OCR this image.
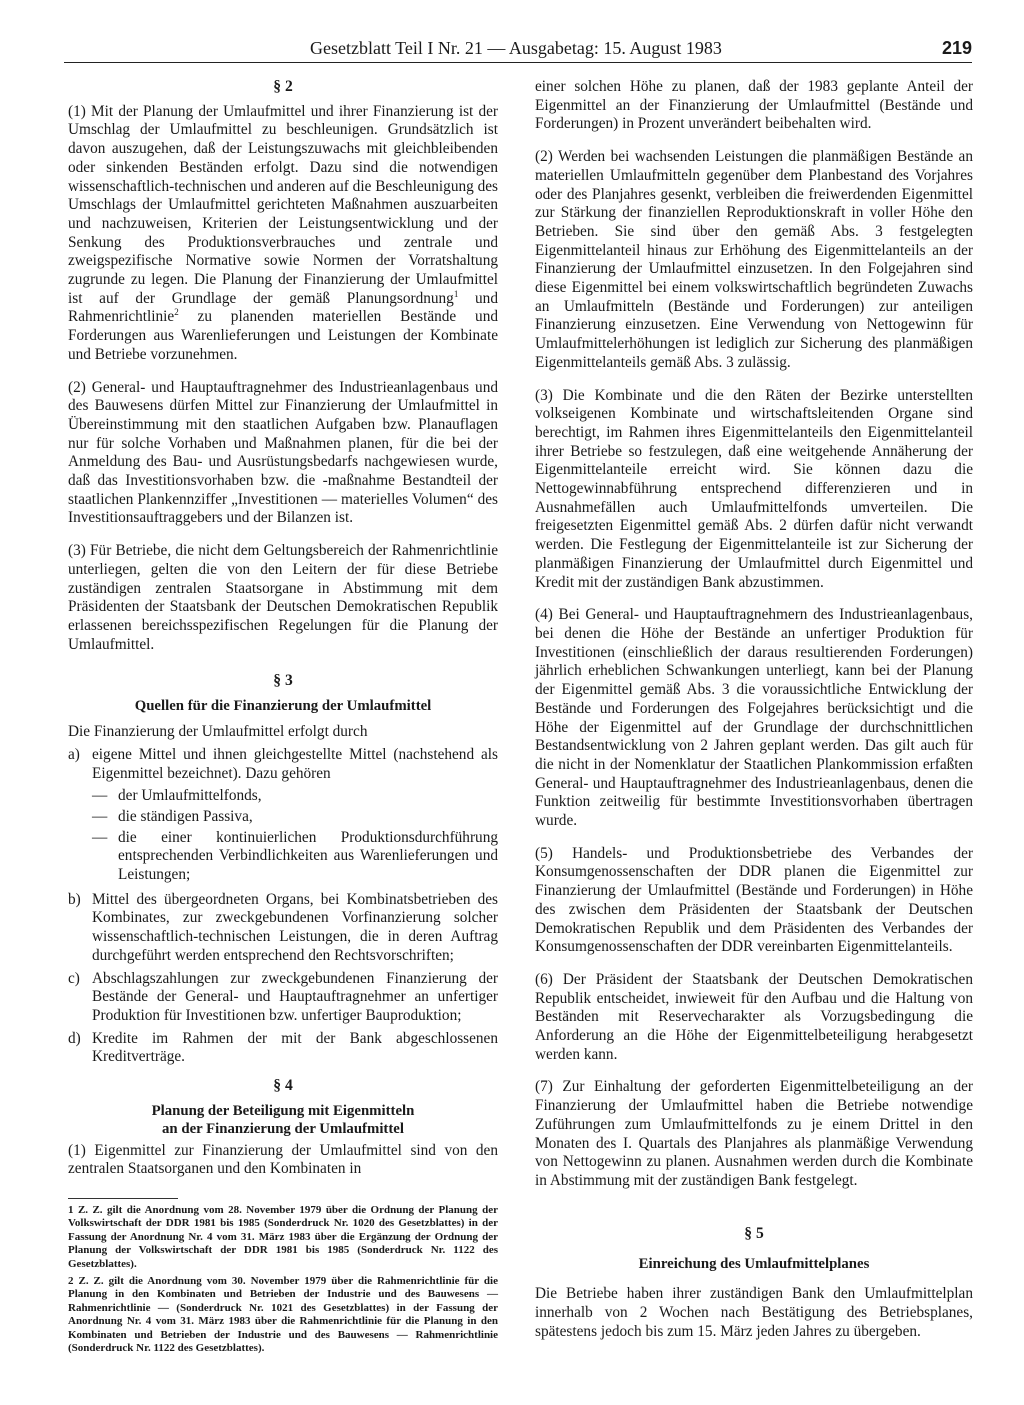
Gesetzblatt Teil I Nr. 21 — Ausgabetag: 15. August 1983	219
§ 2

(1) Mit der Planung der Umlaufmittel und ihrer Finanzierung ist der Umschlag der Umlaufmittel zu beschleunigen. Grundsätzlich ist davon auszugehen, daß der Leistungszuwachs mit gleichbleibenden oder sinkenden Beständen erfolgt. Dazu sind die notwendigen wissenschaftlich-technischen und anderen auf die Beschleunigung des Umschlags der Umlaufmittel gerichteten Maßnahmen auszuarbeiten und nachzuweisen, Kriterien der Leistungsentwicklung und der Senkung des Produktionsverbrauches und zentrale und zweigspezifische Normative sowie Normen der Vorratshaltung zugrunde zu legen. Die Planung der Finanzierung der Umlaufmittel ist auf der Grundlage der gemäß Planungsordnung$^1$ und Rahmenrichtlinie$^2$ zu planenden materiellen Bestände und Forderungen aus Warenlieferungen und Leistungen der Kombinate und Betriebe vorzunehmen.

(2) General- und Hauptauftragnehmer des Industrieanlagenbaus und des Bauwesens dürfen Mittel zur Finanzierung der Umlaufmittel in Übereinstimmung mit den staatlichen Aufgaben bzw. Planauflagen nur für solche Vorhaben und Maßnahmen planen, für die bei der Anmeldung des Bau- und Ausrüstungsbedarfs nachgewiesen wurde, daß das Investitionsvorhaben bzw. die -maßnahme Bestandteil der staatlichen Plankennziffer „Investitionen — materielles Volumen“ des Investitionsauftraggebers und der Bilanzen ist.

(3) Für Betriebe, die nicht dem Geltungsbereich der Rahmenrichtlinie unterliegen, gelten die von den Leitern der für diese Betriebe zuständigen zentralen Staatsorgane in Abstimmung mit dem Präsidenten der Staatsbank der Deutschen Demokratischen Republik erlassenen bereichsspezifischen Regelungen für die Planung der Umlaufmittel.

§ 3
Quellen für die Finanzierung der Umlaufmittel

Die Finanzierung der Umlaufmittel erfolgt durch

a) eigene Mittel und ihnen gleichgestellte Mittel (nachstehend als Eigenmittel bezeichnet). Dazu gehören
— der Umlaufmittelfonds,
— die ständigen Passiva,
— die einer kontinuierlichen Produktionsdurchführung entsprechenden Verbindlichkeiten aus Warenlieferungen und Leistungen;
b) Mittel des übergeordneten Organs, bei Kombinatsbetrieben des Kombinates, zur zweckgebundenen Vorfinanzierung solcher wissenschaftlich-technischen Leistungen, die in deren Auftrag durchgeführt werden entsprechend den Rechtsvorschriften;
c) Abschlagszahlungen zur zweckgebundenen Finanzierung der Bestände der General- und Hauptauftragnehmer an unfertiger Produktion für Investitionen bzw. unfertiger Bauproduktion;
d) Kredite im Rahmen der mit der Bank abgeschlossenen Kreditverträge.
§ 4
Planung der Beteiligung mit Eigenmitteln
an der Finanzierung der Umlaufmittel

(1) Eigenmittel zur Finanzierung der Umlaufmittel sind von den zentralen Staatsorganen und den Kombinaten in

1 Z. Z. gilt die Anordnung vom 28. November 1979 über die Ordnung der Planung der Volkswirtschaft der DDR 1981 bis 1985 (Sonderdruck Nr. 1020 des Gesetzblattes) in der Fassung der Anordnung Nr. 4 vom 31. März 1983 über die Ergänzung der Ordnung der Planung der Volkswirtschaft der DDR 1981 bis 1985 (Sonderdruck Nr. 1122 des Gesetzblattes).

2 Z. Z. gilt die Anordnung vom 30. November 1979 über die Rahmenrichtlinie für die Planung in den Kombinaten und Betrieben der Industrie und des Bauwesens — Rahmenrichtlinie — (Sonderdruck Nr. 1021 des Gesetzblattes) in der Fassung der Anordnung Nr. 4 vom 31. März 1983 über die Rahmenrichtlinie für die Planung in den Kombinaten und Betrieben der Industrie und des Bauwesens — Rahmenrichtlinie (Sonderdruck Nr. 1122 des Gesetzblattes).

einer solchen Höhe zu planen, daß der 1983 geplante Anteil der Eigenmittel an der Finanzierung der Umlaufmittel (Bestände und Forderungen) in Prozent unverändert beibehalten wird.

(2) Werden bei wachsenden Leistungen die planmäßigen Bestände an materiellen Umlaufmitteln gegenüber dem Planbestand des Vorjahres oder des Planjahres gesenkt, verbleiben die freiwerdenden Eigenmittel zur Stärkung der finanziellen Reproduktionskraft in voller Höhe den Betrieben. Sie sind über den gemäß Abs. 3 festgelegten Eigenmittelanteil hinaus zur Erhöhung des Eigenmittelanteils an der Finanzierung der Umlaufmittel einzusetzen. In den Folgejahren sind diese Eigenmittel bei einem volkswirtschaftlich begründeten Zuwachs an Umlaufmitteln (Bestände und Forderungen) zur anteiligen Finanzierung einzusetzen. Eine Verwendung von Nettogewinn für Umlaufmittelerhöhungen ist lediglich zur Sicherung des planmäßigen Eigenmittelanteils gemäß Abs. 3 zulässig.

(3) Die Kombinate und die den Räten der Bezirke unterstellten volkseigenen Kombinate und wirtschaftsleitenden Organe sind berechtigt, im Rahmen ihres Eigenmittelanteils den Eigenmittelanteil ihrer Betriebe so festzulegen, daß eine weitgehende Annäherung der Eigenmittelanteile erreicht wird. Sie können dazu die Nettogewinnabführung entsprechend differenzieren und in Ausnahmefällen auch Umlaufmittelfonds umverteilen. Die freigesetzten Eigenmittel gemäß Abs. 2 dürfen dafür nicht verwandt werden. Die Festlegung der Eigenmittelanteile ist zur Sicherung der planmäßigen Finanzierung der Umlaufmittel durch Eigenmittel und Kredit mit der zuständigen Bank abzustimmen.

(4) Bei General- und Hauptauftragnehmern des Industrieanlagenbaus, bei denen die Höhe der Bestände an unfertiger Produktion für Investitionen (einschließlich der daraus resultierenden Forderungen) jährlich erheblichen Schwankungen unterliegt, kann bei der Planung der Eigenmittel gemäß Abs. 3 die voraussichtliche Entwicklung der Bestände und Forderungen des Folgejahres berücksichtigt und die Höhe der Eigenmittel auf der Grundlage der durchschnittlichen Bestandsentwicklung von 2 Jahren geplant werden. Das gilt auch für die nicht in der Nomenklatur der Staatlichen Plankommission erfaßten General- und Hauptauftragnehmer des Industrieanlagenbaus, denen die Funktion zeitweilig für bestimmte Investitionsvorhaben übertragen wurde.

(5) Handels- und Produktionsbetriebe des Verbandes der Konsumgenossenschaften der DDR planen die Eigenmittel zur Finanzierung der Umlaufmittel (Bestände und Forderungen) in Höhe des zwischen dem Präsidenten der Staatsbank der Deutschen Demokratischen Republik und dem Präsidenten des Verbandes der Konsumgenossenschaften der DDR vereinbarten Eigenmittelanteils.

(6) Der Präsident der Staatsbank der Deutschen Demokratischen Republik entscheidet, inwieweit für den Aufbau und die Haltung von Beständen mit Reservecharakter als Vorzugsbedingung die Anforderung an die Höhe der Eigenmittelbeteiligung herabgesetzt werden kann.

(7) Zur Einhaltung der geforderten Eigenmittelbeteiligung an der Finanzierung der Umlaufmittel haben die Betriebe notwendige Zuführungen zum Umlaufmittelfonds zu je einem Drittel in den Monaten des I. Quartals des Planjahres als planmäßige Verwendung von Nettogewinn zu planen. Ausnahmen werden durch die Kombinate in Abstimmung mit der zuständigen Bank festgelegt.

§ 5
Einreichung des Umlaufmittelplanes

Die Betriebe haben ihrer zuständigen Bank den Umlaufmittelplan innerhalb von 2 Wochen nach Bestätigung des Betriebsplanes, spätestens jedoch bis zum 15. März jeden Jahres zu übergeben.
